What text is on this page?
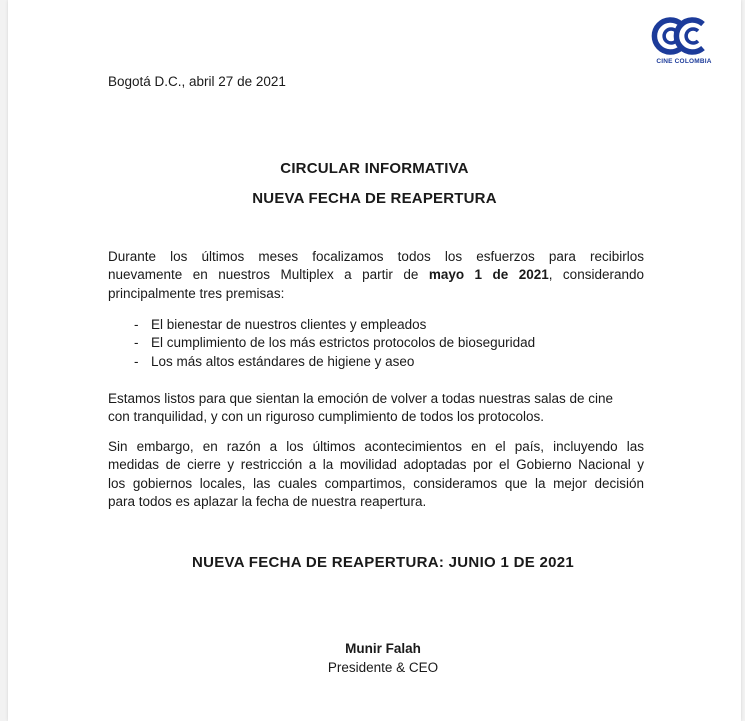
CINE COLOMBIA
Bogotá D.C., abril 27 de 2021
CIRCULAR INFORMATIVA
NUEVA FECHA DE REAPERTURA
Durante los últimos meses focalizamos todos los esfuerzos para recibirlos
nuevamente en nuestros Multiplex a partir de mayo 1 de 2021, considerando
principalmente tres premisas:
- El bienestar de nuestros clientes y empleados
- El cumplimiento de los más estrictos protocolos de bioseguridad
- Los más altos estándares de higiene y aseo
Estamos listos para que sientan la emoción de volver a todas nuestras salas de cine
con tranquilidad, y con un riguroso cumplimiento de todos los protocolos.
Sin embargo, en razón a los últimos acontecimientos en el país, incluyendo las
medidas de cierre y restricción a la movilidad adoptadas por el Gobierno Nacional y
los gobiernos locales, las cuales compartimos, consideramos que la mejor decisión
para todos es aplazar la fecha de nuestra reapertura.
NUEVA FECHA DE REAPERTURA: JUNIO 1 DE 2021
Munir Falah
Presidente & CEO
